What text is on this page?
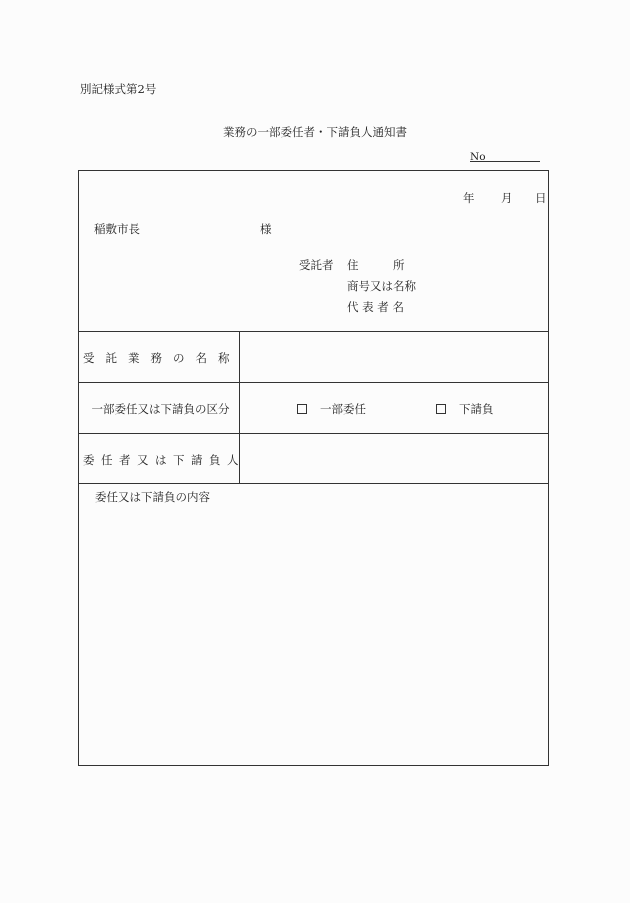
別記様式第2号
業務の一部委任者・下請負人通知書
No
年 月 日
稲敷市長	様
受託者 住　　　所
商号又は名称
代 表 者 名
受託業務の名称
一部委任又は下請負の区分	一部委任	下請負
委任者又は下請負人
委任又は下請負の内容
